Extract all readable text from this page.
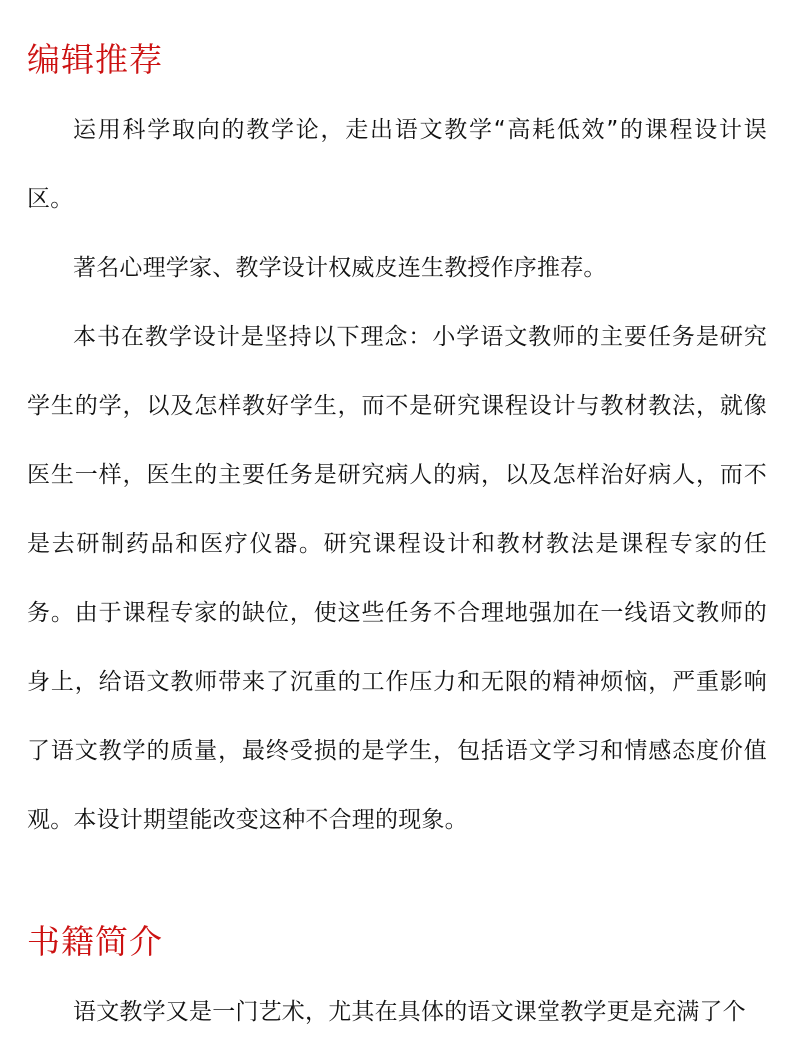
编辑推荐

运用科学取向的教学论，走出语文教学“高耗低效”的课程设计误区。

著名心理学家、教学设计权威皮连生教授作序推荐。

本书在教学设计是坚持以下理念：小学语文教师的主要任务是研究学生的学，以及怎样教好学生，而不是研究课程设计与教材教法，就像医生一样，医生的主要任务是研究病人的病，以及怎样治好病人，而不是去研制药品和医疗仪器。研究课程设计和教材教法是课程专家的任务。由于课程专家的缺位，使这些任务不合理地强加在一线语文教师的身上，给语文教师带来了沉重的工作压力和无限的精神烦恼，严重影响了语文教学的质量，最终受损的是学生，包括语文学习和情感态度价值观。本设计期望能改变这种不合理的现象。

书籍简介

语文教学又是一门艺术，尤其在具体的语文课堂教学更是充满了个
